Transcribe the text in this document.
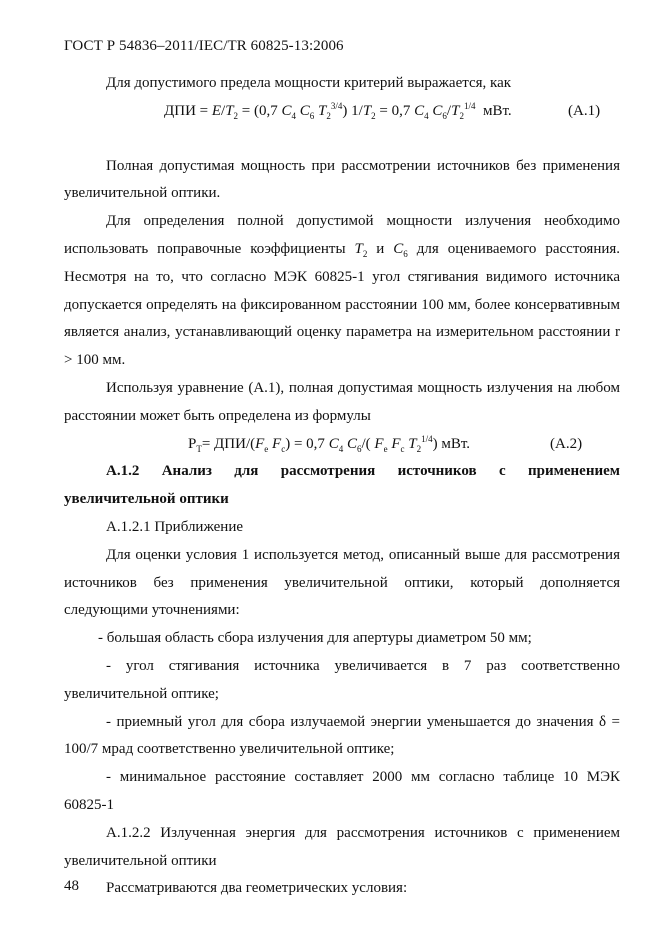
ГОСТ Р 54836–2011/IEC/TR 60825-13:2006

Для допустимого предела мощности критерий выражается, как

ДПИ = $E/T_2 = (0,7$ $C_4$ $C_6$ $T_2^{3/4}$) $1/T_2 = 0,7$ $C_4$ $C_6/T_2^{1/4}$  мВт.	(А.1)

Полная допустимая мощность при рассмотрении источников без применения увеличительной оптики.

Для определения полной допустимой мощности излучения необходимо использовать поправочные коэффициенты $T_2$ и $C_6$ для оцениваемого расстояния. Несмотря на то, что согласно МЭК 60825-1 угол стягивания видимого источника допускается определять на фиксированном расстоянии 100 мм, более консервативным является анализ, устанавливающий оценку параметра на измерительном расстоянии r > 100 мм.

Используя уравнение (А.1), полная допустимая мощность излучения на любом расстоянии может быть определена из формулы

$P_T= ДПИ/(F_e$ $F_c) = 0,7$ $C_4$ $C_6/$( $F_e$ $F_c$ $T_2^{1/4}$) мВт.	(А.2)

А.1.2 Анализ для рассмотрения источников с применением увеличительной оптики

А.1.2.1 Приближение

Для оценки условия 1 используется метод, описанный выше для рассмотрения источников без применения увеличительной оптики, который дополняется следующими уточнениями:

- большая область сбора излучения для апертуры диаметром 50 мм;

- угол стягивания источника увеличивается в 7 раз соответственно увеличительной оптике;

- приемный угол для сбора излучаемой энергии уменьшается до значения δ = 100/7 мрад соответственно увеличительной оптике;

- минимальное расстояние составляет 2000 мм согласно таблице 10 МЭК 60825-1

А.1.2.2 Излученная энергия для рассмотрения источников с применением увеличительной оптики

Рассматриваются два геометрических условия:

48
